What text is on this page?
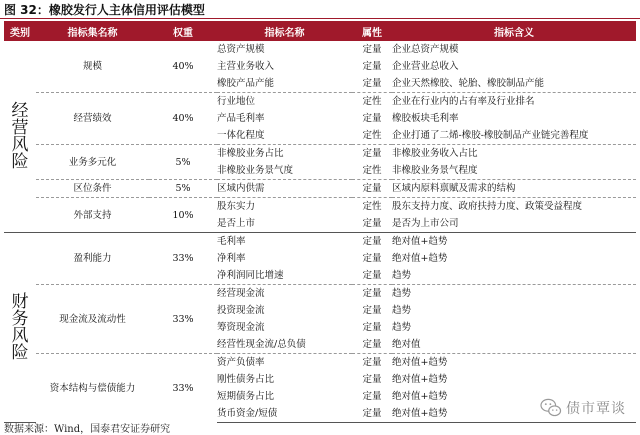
图 32：橡胶发行人主体信用评估模型
类别	指标集名称	权重	指标名称	属性	指标含义

经
营
风
险	规模	40%	总资产规模	定量	企业总资产规模
			主营业务收入	定量	企业营业总收入
			橡胶产品产能	定量	企业天然橡胶、轮胎、橡胶制品产能
	经营绩效	40%	行业地位	定性	企业在行业内的占有率及行业排名
			产品毛利率	定量	橡胶板块毛利率
			一体化程度	定性	企业打通了二烯-橡胶-橡胶制品产业链完善程度
	业务多元化	5%	非橡胶业务占比	定量	非橡胶业务收入占比
			非橡胶业务景气度	定性	非橡胶业务景气程度
	区位条件	5%	区域内供需	定量	区域内原料禀赋及需求的结构
	外部支持	10%	股东实力	定性	股东支持力度、政府扶持力度、政策受益程度
			是否上市	定量	是否为上市公司

财
务
风
险	盈利能力	33%	毛利率	定量	绝对值+趋势
			净利率	定量	绝对值+趋势
			净利润同比增速	定量	趋势
	现金流及流动性	33%	经营现金流	定量	趋势
			投资现金流	定量	趋势
			筹资现金流	定量	趋势
			经营性现金流/总负债	定量	绝对值
	资本结构与偿债能力	33%	资产负债率	定量	绝对值+趋势
			刚性债务占比	定量	绝对值+趋势
			短期债务占比	定量	绝对值+趋势
			货币资金/短债	定量	绝对值+趋势
数据来源：Wind，国泰君安证券研究
债市覃谈
